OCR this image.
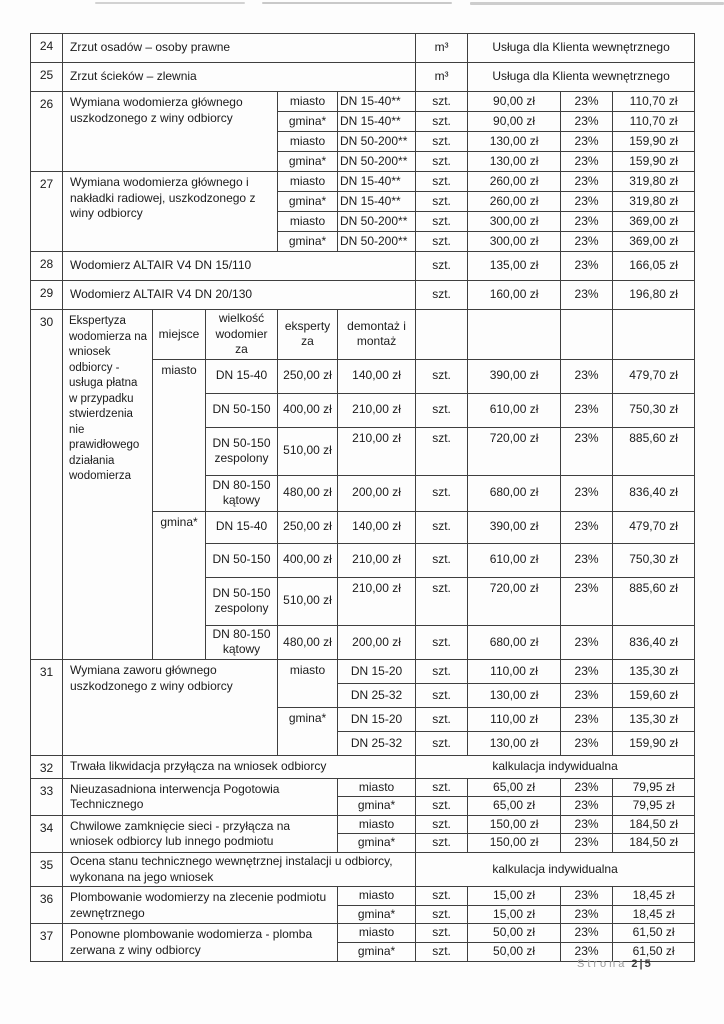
24	Zrzut osadów – osoby prawne					m³	Usługa dla Klienta wewnętrznego		
25	Zrzut ścieków – zlewnia					m³	Usługa dla Klienta wewnętrznego		
26	Wymiana wodomierza głównego uszkodzonego z winy odbiorcy			miasto	DN 15-40**	szt.	90,00 zł	23%	110,70 zł
				gmina*	DN 15-40**	szt.	90,00 zł	23%	110,70 zł
				miasto	DN 50-200**	szt.	130,00 zł	23%	159,90 zł
				gmina*	DN 50-200**	szt.	130,00 zł	23%	159,90 zł
27	Wymiana wodomierza głównego i nakładki radiowej, uszkodzonego z winy odbiorcy			miasto	DN 15-40**	szt.	260,00 zł	23%	319,80 zł
				gmina*	DN 15-40**	szt.	260,00 zł	23%	319,80 zł
				miasto	DN 50-200**	szt.	300,00 zł	23%	369,00 zł
				gmina*	DN 50-200**	szt.	300,00 zł	23%	369,00 zł
28	Wodomierz ALTAIR V4 DN 15/110					szt.	135,00 zł	23%	166,05 zł
29	Wodomierz ALTAIR V4 DN 20/130					szt.	160,00 zł	23%	196,80 zł
30	Ekspertyza wodomierza na wniosek odbiorcy - usługa płatna w przypadku stwierdzenia nie prawidłowego działania wodomierza	miejsce	wielkość wodomier za	eksperty za	demontaż i montaż				
		miasto	DN 15-40	250,00 zł	140,00 zł	szt.	390,00 zł	23%	479,70 zł
			DN 50-150	400,00 zł	210,00 zł	szt.	610,00 zł	23%	750,30 zł
			DN 50-150 zespolony	510,00 zł	210,00 zł	szt.	720,00 zł	23%	885,60 zł
			DN 80-150 kątowy	480,00 zł	200,00 zł	szt.	680,00 zł	23%	836,40 zł
		gmina*	DN 15-40	250,00 zł	140,00 zł	szt.	390,00 zł	23%	479,70 zł
			DN 50-150	400,00 zł	210,00 zł	szt.	610,00 zł	23%	750,30 zł
			DN 50-150 zespolony	510,00 zł	210,00 zł	szt.	720,00 zł	23%	885,60 zł
			DN 80-150 kątowy	480,00 zł	200,00 zł	szt.	680,00 zł	23%	836,40 zł
31	Wymiana zaworu głównego uszkodzonego z winy odbiorcy			miasto	DN 15-20	szt.	110,00 zł	23%	135,30 zł
					DN 25-32	szt.	130,00 zł	23%	159,60 zł
				gmina*	DN 15-20	szt.	110,00 zł	23%	135,30 zł
					DN 25-32	szt.	130,00 zł	23%	159,90 zł
32	Trwała likwidacja przyłącza na wniosek odbiorcy					kalkulacja indywidualna			
33	Nieuzasadniona interwencja Pogotowia Technicznego				miasto	szt.	65,00 zł	23%	79,95 zł
					gmina*	szt.	65,00 zł	23%	79,95 zł
34	Chwilowe zamknięcie sieci - przyłącza na wniosek odbiorcy lub innego podmiotu				miasto	szt.	150,00 zł	23%	184,50 zł
					gmina*	szt.	150,00 zł	23%	184,50 zł
35	Ocena stanu technicznego wewnętrznej instalacji u odbiorcy, wykonana na jego wniosek					kalkulacja indywidualna			
36	Plombowanie wodomierzy na zlecenie podmiotu zewnętrznego				miasto	szt.	15,00 zł	23%	18,45 zł
					gmina*	szt.	15,00 zł	23%	18,45 zł
37	Ponowne plombowanie wodomierza - plomba zerwana z winy odbiorcy				miasto	szt.	50,00 zł	23%	61,50 zł
					gmina*	szt.	50,00 zł	23%	61,50 zł
Strona 2|5
